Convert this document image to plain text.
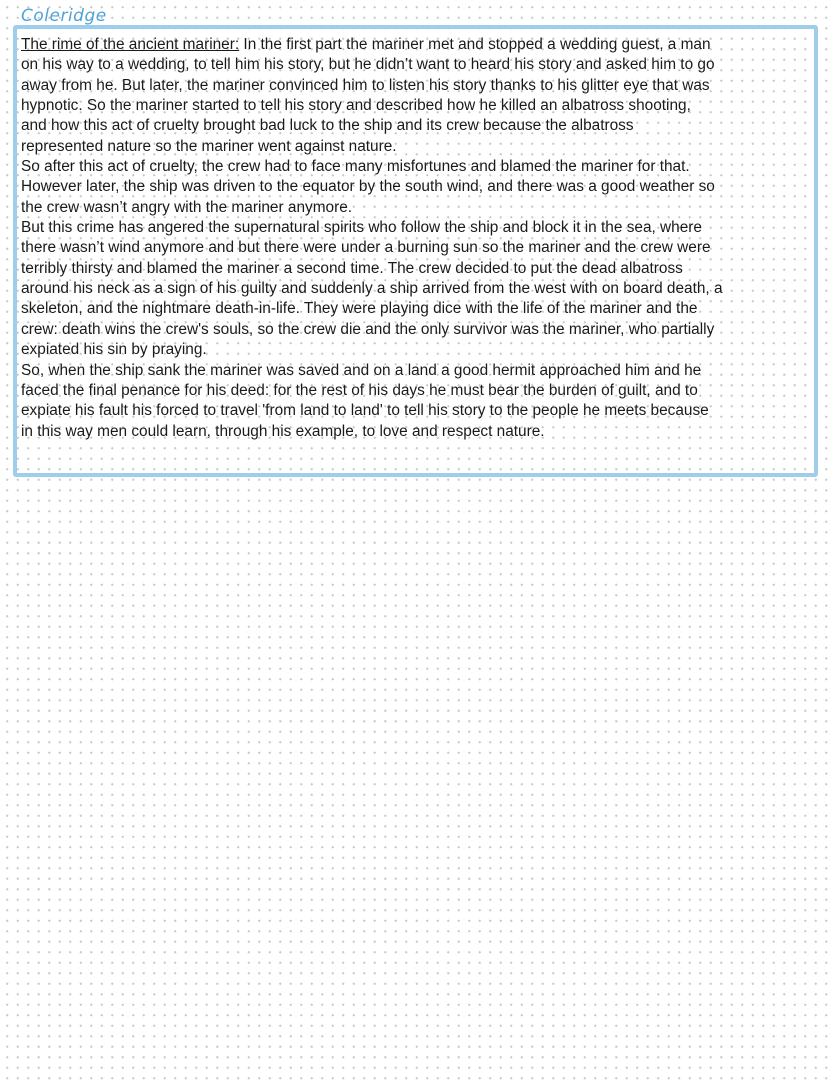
Coleridge
The rime of the ancient mariner: In the first part the mariner met and stopped a wedding guest, a man
on his way to a wedding, to tell him his story, but he didn’t want to heard his story and asked him to go
away from he. But later, the mariner convinced him to listen his story thanks to his glitter eye that was
hypnotic. So the mariner started to tell his story and described how he killed an albatross shooting,
and how this act of cruelty brought bad luck to the ship and its crew because the albatross
represented nature so the mariner went against nature.
So after this act of cruelty, the crew had to face many misfortunes and blamed the mariner for that.
However later, the ship was driven to the equator by the south wind, and there was a good weather so
the crew wasn’t angry with the mariner anymore.
But this crime has angered the supernatural spirits who follow the ship and block it in the sea, where
there wasn’t wind anymore and but there were under a burning sun so the mariner and the crew were
terribly thirsty and blamed the mariner a second time. The crew decided to put the dead albatross
around his neck as a sign of his guilty and suddenly a ship arrived from the west with on board death, a
skeleton, and the nightmare death-in-life. They were playing dice with the life of the mariner and the
crew: death wins the crew's souls, so the crew die and the only survivor was the mariner, who partially
expiated his sin by praying.
So, when the ship sank the mariner was saved and on a land a good hermit approached him and he
faced the final penance for his deed: for the rest of his days he must bear the burden of guilt, and to
expiate his fault his forced to travel 'from land to land' to tell his story to the people he meets because
in this way men could learn, through his example, to love and respect nature.
